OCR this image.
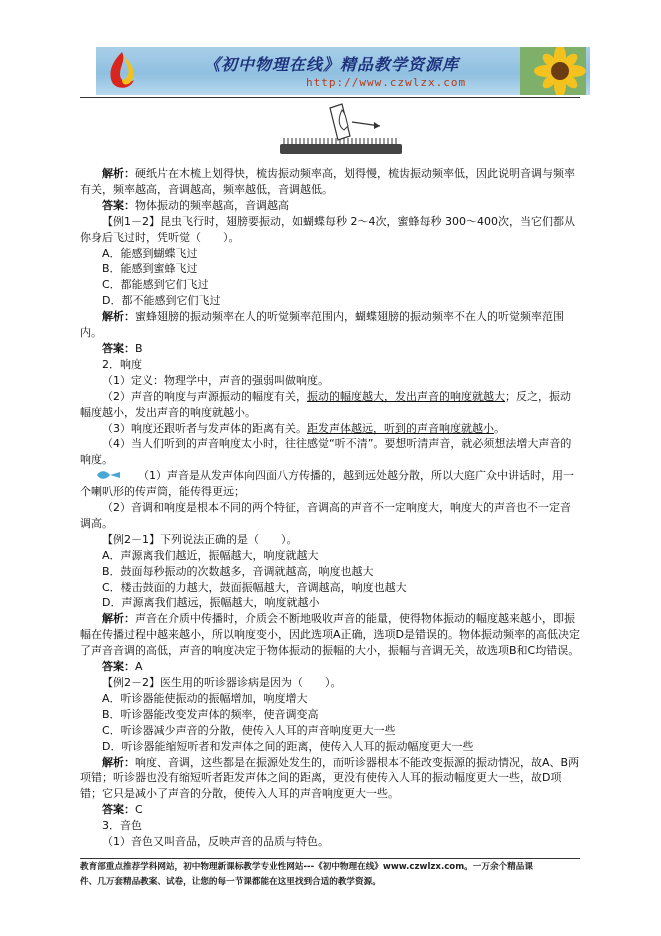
《初中物理在线》精品教学资源库
http://www.czwlzx.com

解析：硬纸片在木梳上划得快，梳齿振动频率高，划得慢，梳齿振动频率低，因此说明音调与频率有关，频率越高，音调越高，频率越低，音调越低。

答案：物体振动的频率越高，音调越高

【例1－2】昆虫飞行时，翅膀要振动，如蝴蝶每秒 2～4次，蜜蜂每秒 300～400次，当它们都从你身后飞过时，凭听觉（　　）。

A．能感到蝴蝶飞过

B．能感到蜜蜂飞过

C．都能感到它们飞过

D．都不能感到它们飞过

解析：蜜蜂翅膀的振动频率在人的听觉频率范围内，蝴蝶翅膀的振动频率不在人的听觉频率范围内。

答案：B

2．响度

（1）定义：物理学中，声音的强弱叫做响度。

（2）声音的响度与声源振动的幅度有关，振动的幅度越大，发出声音的响度就越大；反之，振动幅度越小，发出声音的响度就越小。

（3）响度还跟听者与发声体的距离有关。距发声体越远，听到的声音响度就越小。

（4）当人们听到的声音响度太小时，往往感觉“听不清”。要想听清声音，就必须想法增大声音的响度。

（1）声音是从发声体向四面八方传播的，越到远处越分散，所以大庭广众中讲话时，用一个喇叭形的传声筒，能传得更远；

（2）音调和响度是根本不同的两个特征，音调高的声音不一定响度大，响度大的声音也不一定音调高。

【例2－1】下列说法正确的是（　　）。

A．声源离我们越近，振幅越大，响度就越大

B．鼓面每秒振动的次数越多，音调就越高，响度也越大

C．楼击鼓面的力越大，鼓面振幅越大，音调越高，响度也越大

D．声源离我们越远，振幅越大，响度就越小

解析：声音在介质中传播时，介质会不断地吸收声音的能量，使得物体振动的幅度越来越小，即振幅在传播过程中越来越小，所以响度变小，因此选项A正确，选项D是错误的。物体振动频率的高低决定了声音音调的高低，声音的响度决定于物体振动的振幅的大小，振幅与音调无关，故选项B和C均错误。

答案：A

【例2－2】医生用的听诊器诊病是因为（　　）。

A．听诊器能使振动的振幅增加，响度增大

B．听诊器能改变发声体的频率，使音调变高

C．听诊器减少声音的分散，使传入人耳的声音响度更大一些

D．听诊器能缩短听者和发声体之间的距离，使传入人耳的振动幅度更大一些

解析：响度、音调，这些都是在振源处发生的，而听诊器根本不能改变振源的振动情况，故A、B两项错；听诊器也没有缩短听者距发声体之间的距离，更没有使传入人耳的振动幅度更大一些，故D项错；它只是减小了声音的分散，使传入人耳的声音响度更大一些。

答案：C

3．音色

（1）音色又叫音品，反映声音的品质与特色。

教育部重点推荐学科网站，初中物理新课标教学专业性网站---《初中物理在线》www.czwlzx.com。一万余个精品课
件、几万套精品教案、试卷，让您的每一节课都能在这里找到合适的教学资源。
